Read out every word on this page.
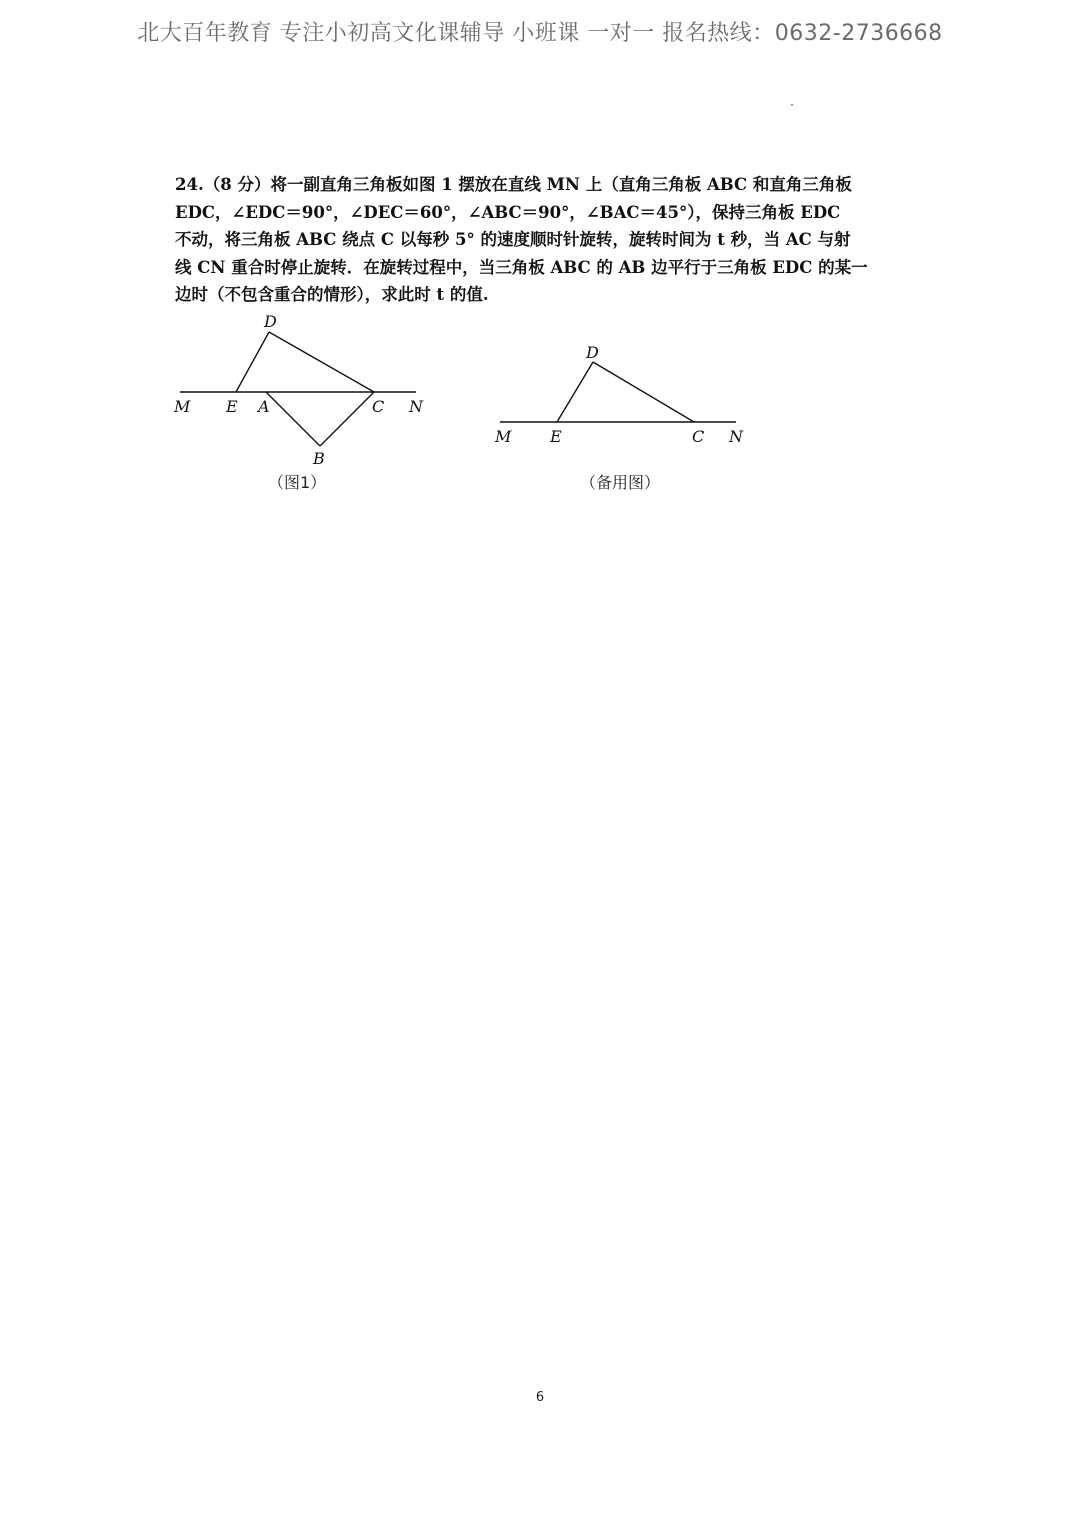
北大百年教育 专注小初高文化课辅导 小班课 一对一 报名热线：0632-2736668
24.（8 分）将一副直角三角板如图 1 摆放在直线 MN 上（直角三角板 ABC 和直角三角板
EDC，∠EDC＝90°，∠DEC＝60°，∠ABC＝90°，∠BAC＝45°），保持三角板 EDC
不动，将三角板 ABC 绕点 C 以每秒 5° 的速度顺时针旋转，旋转时间为 t 秒，当 AC 与射
线 CN 重合时停止旋转．在旋转过程中，当三角板 ABC 的 AB 边平行于三角板 EDC 的某一
边时（不包含重合的情形），求此时 t 的值.
D
M E A	C N
B
（图1）
D
M E	C N
（备用图）
6
